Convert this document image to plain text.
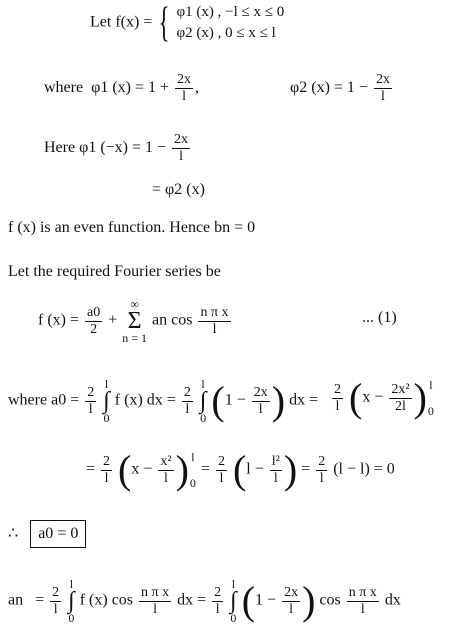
Let f(x) = { φ1 (x) , −l ≤ x ≤ 0
φ2 (x) , 0 ≤ x ≤ l
where φ1 $(x) = 1 + \frac{2x}{l}$ ,	φ2 $(x) = 1 - \frac{2x}{l}$
Here φ1 $(-x) = 1 - \frac{2x}{l}$
= φ2 (x)
f (x) is an even function. Hence bn = 0
Let the required Fourier series be
f $(x) = \frac{a0}{2}$ +
∞
Σ
n = 1
an $\cos \frac{\text{n π x}}{l}$	... (1)
where $a0 = \frac{2}{l}$

l
∫
0
f (x) dx = $\frac{2}{l}$

l
∫
0 ($1 - \frac{2x}{l}$ ) dx = $\frac{2}{l} (x - \frac{\text{2x²}}{2l}$ ) l
0
= $\frac{2}{l} (x - \frac{\text{x²}}{l}$ ) l
0
= $\frac{2}{l} (l - \frac{\text{l²}}{l}$ ) = $\frac{2}{l} (l - l) = 0$
∴ a0 = 0
an = $\frac{2}{l}$

l
∫
0
f (x) $\cos \frac{\text{n π x}}{l}$ dx = $\frac{2}{l}$

l
∫
0 ($1 - \frac{2x}{l}$ ) $\cos \frac{\text{n π x}}{l}$ dx
